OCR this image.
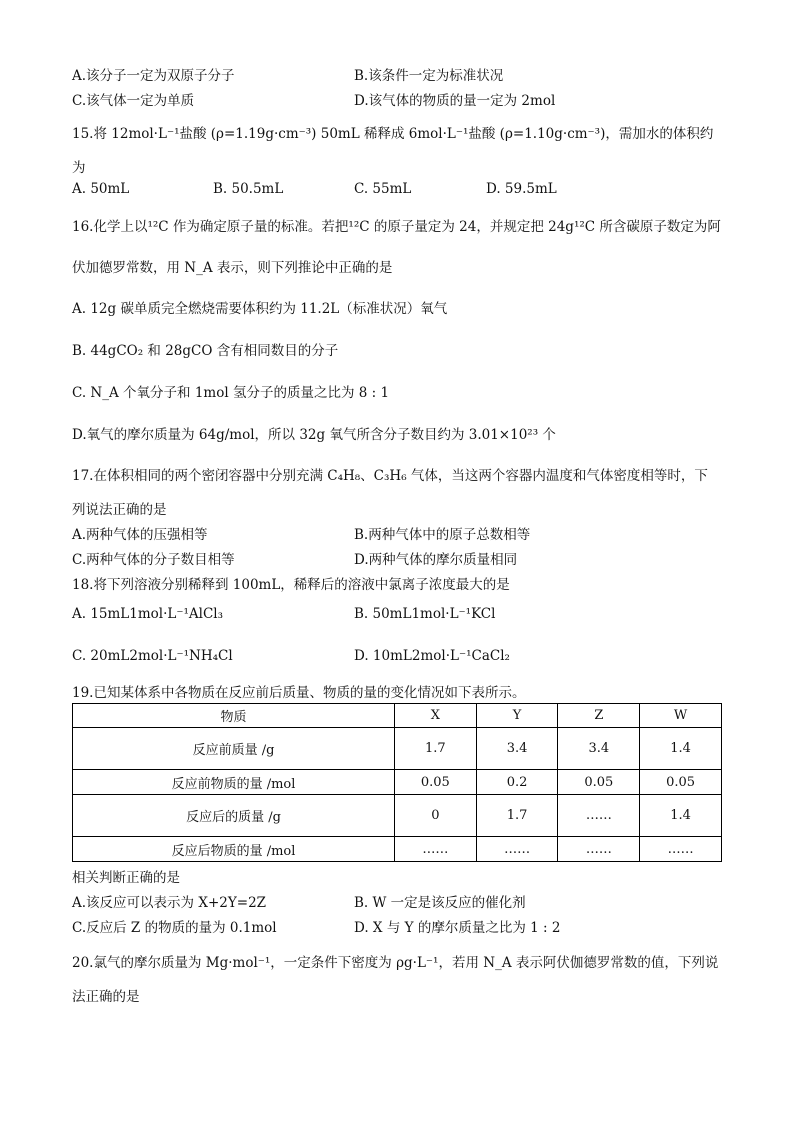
A.该分子一定为双原子分子	B.该条件一定为标准状况
C.该气体一定为单质	D.该气体的物质的量一定为 2mol
15.将 12mol·L⁻¹盐酸 (ρ=1.19g·cm⁻³) 50mL 稀释成 6mol·L⁻¹盐酸 (ρ=1.10g·cm⁻³)，需加水的体积约
为
A. 50mL	B. 50.5mL	C. 55mL	D. 59.5mL
16.化学上以¹²C 作为确定原子量的标准。若把¹²C 的原子量定为 24，并规定把 24g¹²C 所含碳原子数定为阿
伏加德罗常数，用 N_A 表示，则下列推论中正确的是
A. 12g 碳单质完全燃烧需要体积约为 11.2L（标准状况）氧气
B. 44gCO₂ 和 28gCO 含有相同数目的分子
C. N_A 个氧分子和 1mol 氢分子的质量之比为 8 : 1
D.氧气的摩尔质量为 64g/mol，所以 32g 氧气所含分子数目约为 3.01×10²³ 个
17.在体积相同的两个密闭容器中分别充满 C₄H₈、C₃H₆ 气体，当这两个容器内温度和气体密度相等时，下
列说法正确的是
A.两种气体的压强相等	B.两种气体中的原子总数相等
C.两种气体的分子数目相等	D.两种气体的摩尔质量相同
18.将下列溶液分别稀释到 100mL，稀释后的溶液中氯离子浓度最大的是
A. 15mL1mol·L⁻¹AlCl₃	B. 50mL1mol·L⁻¹KCl
C. 20mL2mol·L⁻¹NH₄Cl	D. 10mL2mol·L⁻¹CaCl₂
19.已知某体系中各物质在反应前后质量、物质的量的变化情况如下表所示。
物质	X	Y	Z	W
反应前质量 /g	1.7	3.4	3.4	1.4
反应前物质的量 /mol	0.05	0.2	0.05	0.05
反应后的质量 /g	0	1.7	……	1.4
反应后物质的量 /mol	……	……	……	……
相关判断正确的是
A.该反应可以表示为 X+2Y=2Z	B. W 一定是该反应的催化剂
C.反应后 Z 的物质的量为 0.1mol	D. X 与 Y 的摩尔质量之比为 1 : 2
20.氯气的摩尔质量为 Mg·mol⁻¹，一定条件下密度为 ρg·L⁻¹，若用 N_A 表示阿伏伽德罗常数的值，下列说
法正确的是
